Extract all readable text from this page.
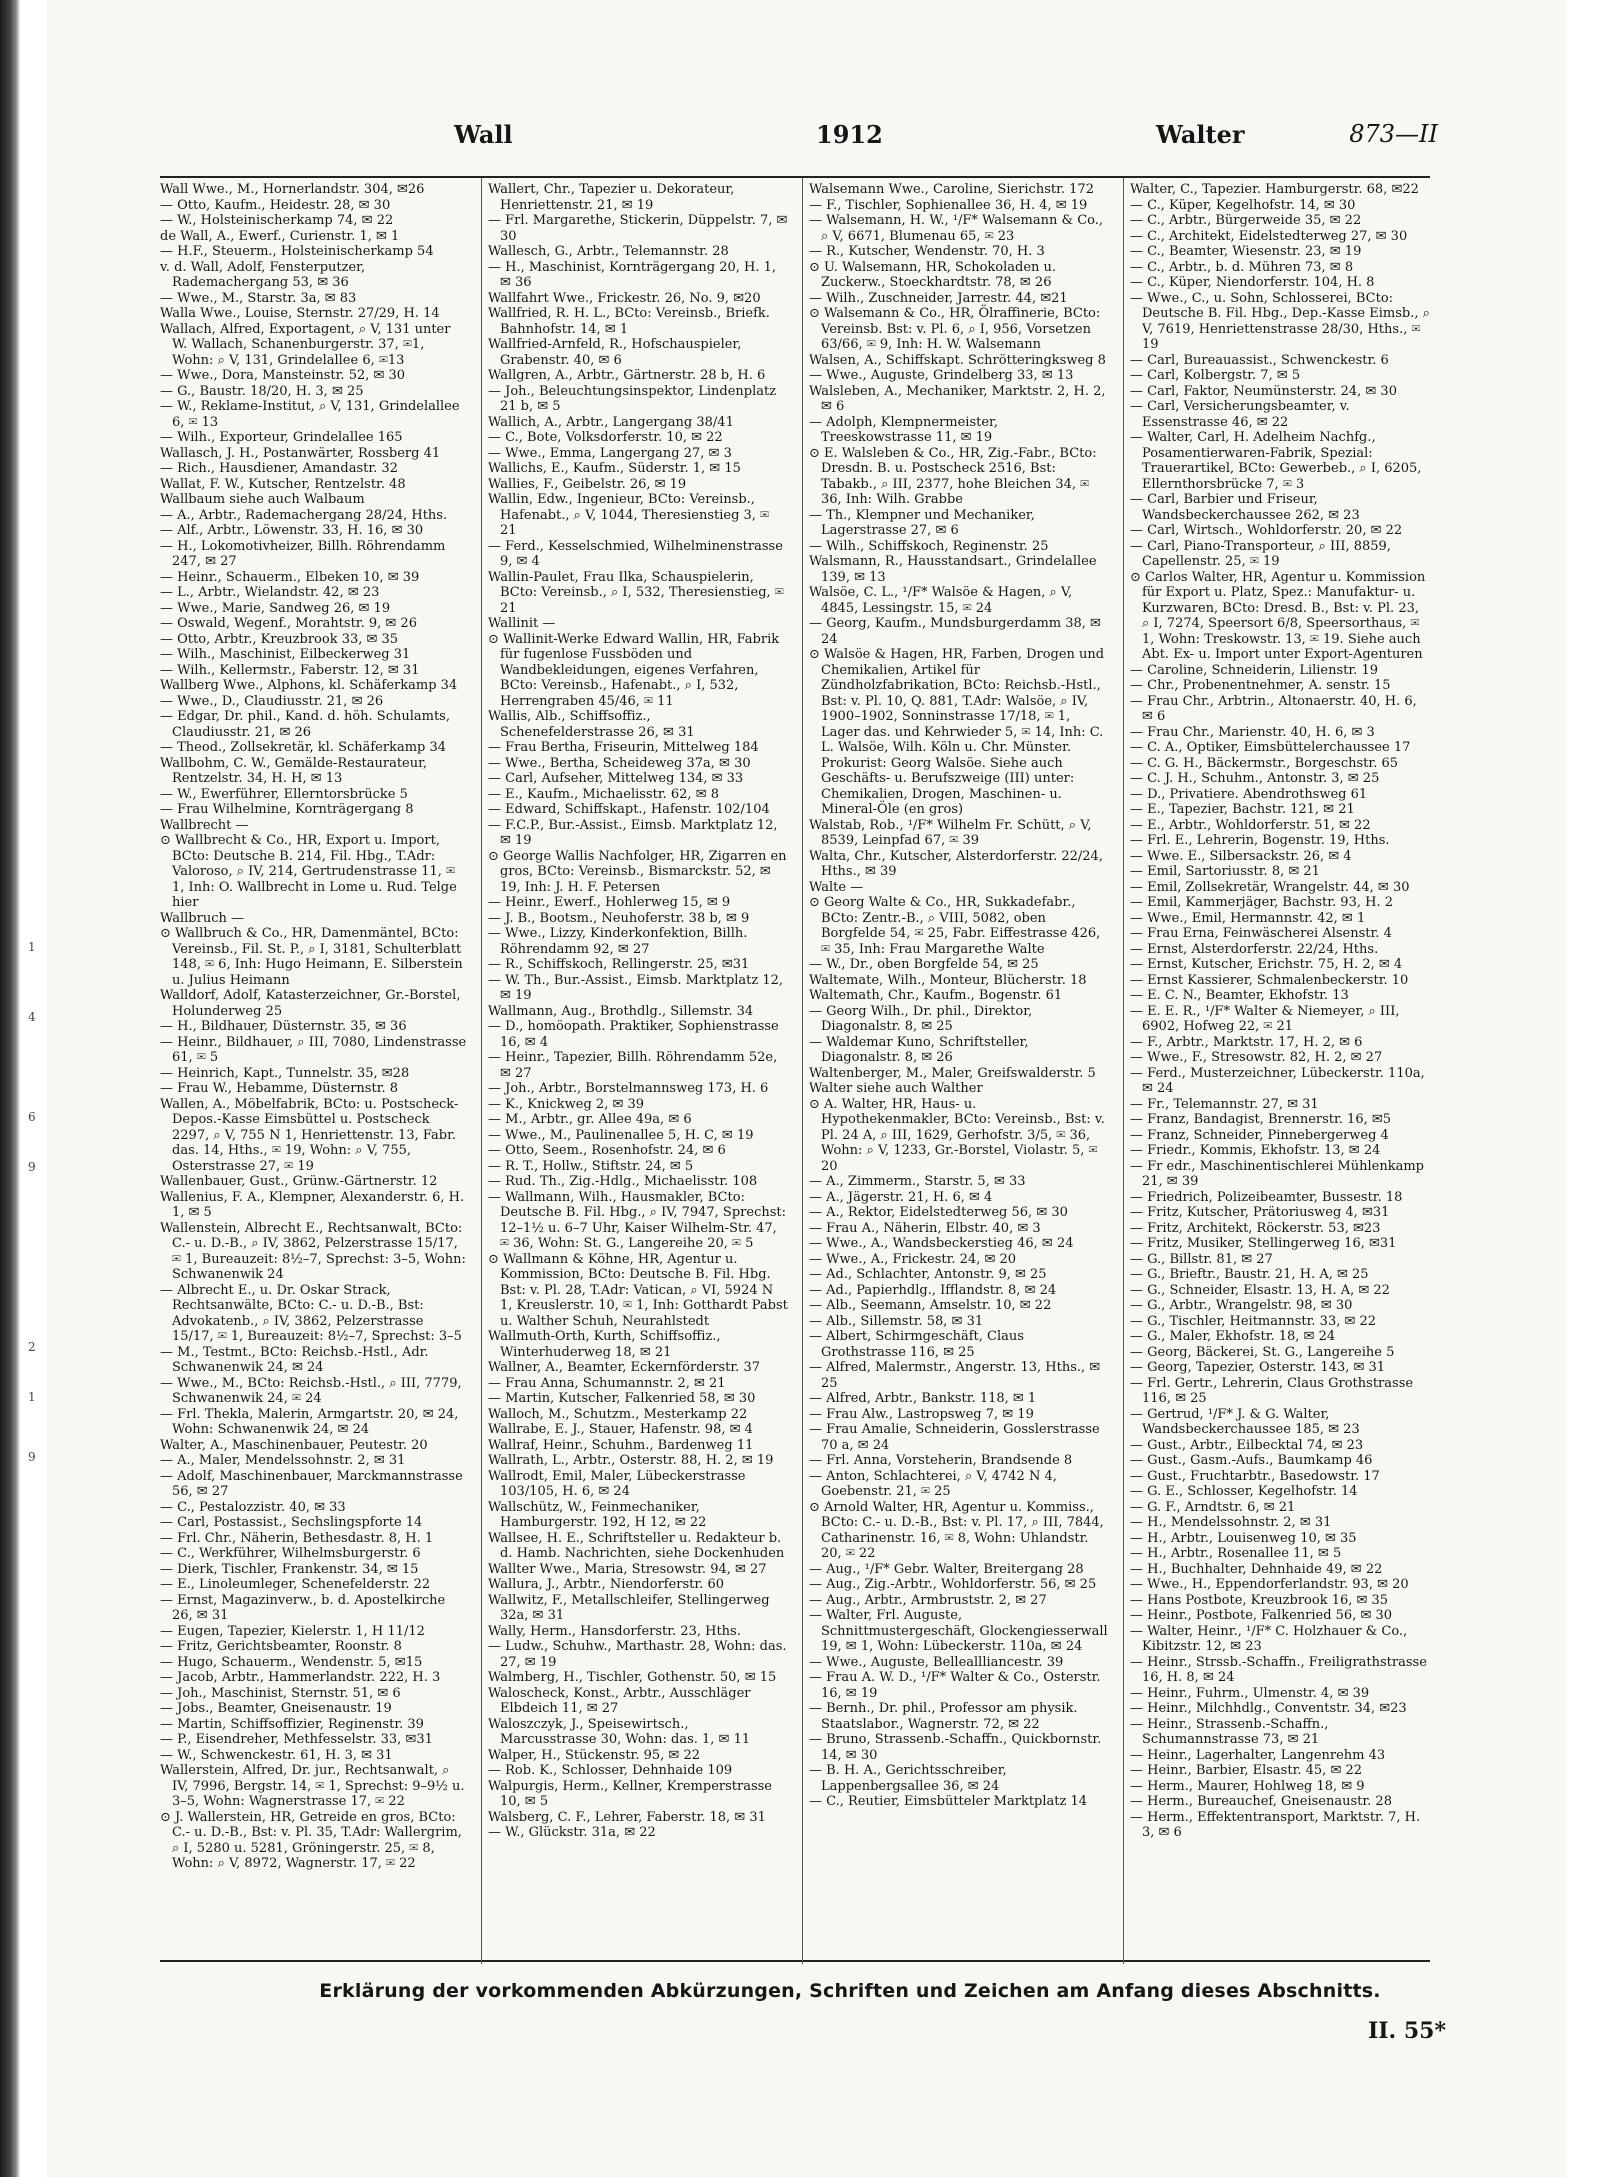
1
4
6
9
2
1
9
Wall	1912	Walter	873—II

Wall Wwe., M., Hornerlandstr. 304, ✉26

— Otto, Kaufm., Heidestr. 28, ✉ 30

— W., Holsteinischerkamp 74, ✉ 22

de Wall, A., Ewerf., Curienstr. 1, ✉ 1

— H.F., Steuerm., Holsteinischerkamp 54

v. d. Wall, Adolf, Fensterputzer, Rademachergang 53, ✉ 36

— Wwe., M., Starstr. 3a, ✉ 83

Walla Wwe., Louise, Sternstr. 27/29, H. 14

Wallach, Alfred, Exportagent, ⌕ V, 131 unter W. Wallach, Schanenburgerstr. 37, ✉1, Wohn: ⌕ V, 131, Grindelallee 6, ✉13

— Wwe., Dora, Mansteinstr. 52, ✉ 30

— G., Baustr. 18/20, H. 3, ✉ 25

— W., Reklame-Institut, ⌕ V, 131, Grindelallee 6, ✉ 13

— Wilh., Exporteur, Grindelallee 165

Wallasch, J. H., Postanwärter, Rossberg 41

— Rich., Hausdiener, Amandastr. 32

Wallat, F. W., Kutscher, Rentzelstr. 48

Wallbaum siehe auch Walbaum

— A., Arbtr., Rademachergang 28/24, Hths.

— Alf., Arbtr., Löwenstr. 33, H. 16, ✉ 30

— H., Lokomotivheizer, Billh. Röhrendamm 247, ✉ 27

— Heinr., Schauerm., Elbeken 10, ✉ 39

— L., Arbtr., Wielandstr. 42, ✉ 23

— Wwe., Marie, Sandweg 26, ✉ 19

— Oswald, Wegenf., Morahtstr. 9, ✉ 26

— Otto, Arbtr., Kreuzbrook 33, ✉ 35

— Wilh., Maschinist, Eilbeckerweg 31

— Wilh., Kellermstr., Faberstr. 12, ✉ 31

Wallberg Wwe., Alphons, kl. Schäferkamp 34

— Wwe., D., Claudiusstr. 21, ✉ 26

— Edgar, Dr. phil., Kand. d. höh. Schulamts, Claudiusstr. 21, ✉ 26

— Theod., Zollsekretär, kl. Schäferkamp 34

Wallbohm, C. W., Gemälde-Restaurateur, Rentzelstr. 34, H. H, ✉ 13

— W., Ewerführer, Ellerntorsbrücke 5

— Frau Wilhelmine, Kornträgergang 8

Wallbrecht —

⊙ Wallbrecht & Co., HR, Export u. Import, BCto: Deutsche B. 214, Fil. Hbg., T.Adr: Valoroso, ⌕ IV, 214, Gertrudenstrasse 11, ✉ 1, Inh: O. Wallbrecht in Lome u. Rud. Telge hier

Wallbruch —

⊙ Wallbruch & Co., HR, Damenmäntel, BCto: Vereinsb., Fil. St. P., ⌕ I, 3181, Schulterblatt 148, ✉ 6, Inh: Hugo Heimann, E. Silberstein u. Julius Heimann

Walldorf, Adolf, Katasterzeichner, Gr.-Borstel, Holunderweg 25

— H., Bildhauer, Düsternstr. 35, ✉ 36

— Heinr., Bildhauer, ⌕ III, 7080, Lindenstrasse 61, ✉ 5

— Heinrich, Kapt., Tunnelstr. 35, ✉28

— Frau W., Hebamme, Düsternstr. 8

Wallen, A., Möbelfabrik, BCto: u. Postscheck-Depos.-Kasse Eimsbüttel u. Postscheck 2297, ⌕ V, 755 N 1, Henriettenstr. 13, Fabr. das. 14, Hths., ✉ 19, Wohn: ⌕ V, 755, Osterstrasse 27, ✉ 19

Wallenbauer, Gust., Grünw.-Gärtnerstr. 12

Wallenius, F. A., Klempner, Alexanderstr. 6, H. 1, ✉ 5

Wallenstein, Albrecht E., Rechtsanwalt, BCto: C.- u. D.-B., ⌕ IV, 3862, Pelzerstrasse 15/17, ✉ 1, Bureauzeit: 8½–7, Sprechst: 3–5, Wohn: Schwanenwik 24

— Albrecht E., u. Dr. Oskar Strack, Rechtsanwälte, BCto: C.- u. D.-B., Bst: Advokatenb., ⌕ IV, 3862, Pelzerstrasse 15/17, ✉ 1, Bureauzeit: 8½–7, Sprechst: 3–5

— M., Testmt., BCto: Reichsb.-Hstl., Adr. Schwanenwik 24, ✉ 24

— Wwe., M., BCto: Reichsb.-Hstl., ⌕ III, 7779, Schwanenwik 24, ✉ 24

— Frl. Thekla, Malerin, Armgartstr. 20, ✉ 24, Wohn: Schwanenwik 24, ✉ 24

Walter, A., Maschinenbauer, Peutestr. 20

— A., Maler, Mendelssohnstr. 2, ✉ 31

— Adolf, Maschinenbauer, Marckmannstrasse 56, ✉ 27

— C., Pestalozzistr. 40, ✉ 33

— Carl, Postassist., Sechslingspforte 14

— Frl. Chr., Näherin, Bethesdastr. 8, H. 1

— C., Werkführer, Wilhelmsburgerstr. 6

— Dierk, Tischler, Frankenstr. 34, ✉ 15

— E., Linoleumleger, Schenefelderstr. 22

— Ernst, Magazinverw., b. d. Apostelkirche 26, ✉ 31

— Eugen, Tapezier, Kielerstr. 1, H 11/12

— Fritz, Gerichtsbeamter, Roonstr. 8

— Hugo, Schauerm., Wendenstr. 5, ✉15

— Jacob, Arbtr., Hammerlandstr. 222, H. 3

— Joh., Maschinist, Sternstr. 51, ✉ 6

— Jobs., Beamter, Gneisenaustr. 19

— Martin, Schiffsoffizier, Reginenstr. 39

— P., Eisendreher, Methfesselstr. 33, ✉31

— W., Schwenckestr. 61, H. 3, ✉ 31

Wallerstein, Alfred, Dr. jur., Rechtsanwalt, ⌕ IV, 7996, Bergstr. 14, ✉ 1, Sprechst: 9–9½ u. 3–5, Wohn: Wagnerstrasse 17, ✉ 22

⊙ J. Wallerstein, HR, Getreide en gros, BCto: C.- u. D.-B., Bst: v. Pl. 35, T.Adr: Wallergrim, ⌕ I, 5280 u. 5281, Gröningerstr. 25, ✉ 8, Wohn: ⌕ V, 8972, Wagnerstr. 17, ✉ 22

Wallert, Chr., Tapezier u. Dekorateur, Henriettenstr. 21, ✉ 19

— Frl. Margarethe, Stickerin, Düppelstr. 7, ✉ 30

Wallesch, G., Arbtr., Telemannstr. 28

— H., Maschinist, Kornträgergang 20, H. 1, ✉ 36

Wallfahrt Wwe., Frickestr. 26, No. 9, ✉20

Wallfried, R. H. L., BCto: Vereinsb., Briefk. Bahnhofstr. 14, ✉ 1

Wallfried-Arnfeld, R., Hofschauspieler, Grabenstr. 40, ✉ 6

Wallgren, A., Arbtr., Gärtnerstr. 28 b, H. 6

— Joh., Beleuchtungsinspektor, Lindenplatz 21 b, ✉ 5

Wallich, A., Arbtr., Langergang 38/41

— C., Bote, Volksdorferstr. 10, ✉ 22

— Wwe., Emma, Langergang 27, ✉ 3

Wallichs, E., Kaufm., Süderstr. 1, ✉ 15

Wallies, F., Geibelstr. 26, ✉ 19

Wallin, Edw., Ingenieur, BCto: Vereinsb., Hafenabt., ⌕ V, 1044, Theresienstieg 3, ✉ 21

— Ferd., Kesselschmied, Wilhelminenstrasse 9, ✉ 4

Wallin-Paulet, Frau Ilka, Schauspielerin, BCto: Vereinsb., ⌕ I, 532, Theresienstieg, ✉ 21

Wallinit —

⊙ Wallinit-Werke Edward Wallin, HR, Fabrik für fugenlose Fussböden und Wandbekleidungen, eigenes Verfahren, BCto: Vereinsb., Hafenabt., ⌕ I, 532, Herrengraben 45/46, ✉ 11

Wallis, Alb., Schiffsoffiz., Schenefelderstrasse 26, ✉ 31

— Frau Bertha, Friseurin, Mittelweg 184

— Wwe., Bertha, Scheideweg 37a, ✉ 30

— Carl, Aufseher, Mittelweg 134, ✉ 33

— E., Kaufm., Michaelisstr. 62, ✉ 8

— Edward, Schiffskapt., Hafenstr. 102/104

— F.C.P., Bur.-Assist., Eimsb. Marktplatz 12, ✉ 19

⊙ George Wallis Nachfolger, HR, Zigarren en gros, BCto: Vereinsb., Bismarckstr. 52, ✉ 19, Inh: J. H. F. Petersen

— Heinr., Ewerf., Hohlerweg 15, ✉ 9

— J. B., Bootsm., Neuhoferstr. 38 b, ✉ 9

— Wwe., Lizzy, Kinderkonfektion, Billh. Röhrendamm 92, ✉ 27

— R., Schiffskoch, Rellingerstr. 25, ✉31

— W. Th., Bur.-Assist., Eimsb. Marktplatz 12, ✉ 19

Wallmann, Aug., Brothdlg., Sillemstr. 34

— D., homöopath. Praktiker, Sophienstrasse 16, ✉ 4

— Heinr., Tapezier, Billh. Röhrendamm 52e, ✉ 27

— Joh., Arbtr., Borstelmannsweg 173, H. 6

— K., Knickweg 2, ✉ 39

— M., Arbtr., gr. Allee 49a, ✉ 6

— Wwe., M., Paulinenallee 5, H. C, ✉ 19

— Otto, Seem., Rosenhofstr. 24, ✉ 6

— R. T., Hollw., Stiftstr. 24, ✉ 5

— Rud. Th., Zig.-Hdlg., Michaelisstr. 108

— Wallmann, Wilh., Hausmakler, BCto: Deutsche B. Fil. Hbg., ⌕ IV, 7947, Sprechst: 12–1½ u. 6–7 Uhr, Kaiser Wilhelm-Str. 47, ✉ 36, Wohn: St. G., Langereihe 20, ✉ 5

⊙ Wallmann & Köhne, HR, Agentur u. Kommission, BCto: Deutsche B. Fil. Hbg. Bst: v. Pl. 28, T.Adr: Vatican, ⌕ VI, 5924 N 1, Kreuslerstr. 10, ✉ 1, Inh: Gotthardt Pabst u. Walther Schuh, Neurahlstedt

Wallmuth-Orth, Kurth, Schiffsoffiz., Winterhuderweg 18, ✉ 21

Wallner, A., Beamter, Eckernförderstr. 37

— Frau Anna, Schumannstr. 2, ✉ 21

— Martin, Kutscher, Falkenried 58, ✉ 30

Walloch, M., Schutzm., Mesterkamp 22

Wallrabe, E. J., Stauer, Hafenstr. 98, ✉ 4

Wallraf, Heinr., Schuhm., Bardenweg 11

Wallrath, L., Arbtr., Osterstr. 88, H. 2, ✉ 19

Wallrodt, Emil, Maler, Lübeckerstrasse 103/105, H. 6, ✉ 24

Wallschütz, W., Feinmechaniker, Hamburgerstr. 192, H 12, ✉ 22

Wallsee, H. E., Schriftsteller u. Redakteur b. d. Hamb. Nachrichten, siehe Dockenhuden

Wallter Wwe., Maria, Stresowstr. 94, ✉ 27

Wallura, J., Arbtr., Niendorferstr. 60

Wallwitz, F., Metallschleifer, Stellingerweg 32a, ✉ 31

Wally, Herm., Hansdorferstr. 23, Hths.

— Ludw., Schuhw., Marthastr. 28, Wohn: das. 27, ✉ 19

Walmberg, H., Tischler, Gothenstr. 50, ✉ 15

Waloscheck, Konst., Arbtr., Ausschläger Elbdeich 11, ✉ 27

Waloszczyk, J., Speisewirtsch., Marcusstrasse 30, Wohn: das. 1, ✉ 11

Walper, H., Stückenstr. 95, ✉ 22

— Rob. K., Schlosser, Dehnhaide 109

Walpurgis, Herm., Kellner, Kremperstrasse 10, ✉ 5

Walsberg, C. F., Lehrer, Faberstr. 18, ✉ 31

— W., Glückstr. 31a, ✉ 22

Walsemann Wwe., Caroline, Sierichstr. 172

— F., Tischler, Sophienallee 36, H. 4, ✉ 19

— Walsemann, H. W., ¹/F* Walsemann & Co., ⌕ V, 6671, Blumenau 65, ✉ 23

— R., Kutscher, Wendenstr. 70, H. 3

⊙ U. Walsemann, HR, Schokoladen u. Zuckerw., Stoeckhardtstr. 78, ✉ 26

— Wilh., Zuschneider, Jarrestr. 44, ✉21

⊙ Walsemann & Co., HR, Ölraffinerie, BCto: Vereinsb. Bst: v. Pl. 6, ⌕ I, 956, Vorsetzen 63/66, ✉ 9, Inh: H. W. Walsemann

Walsen, A., Schiffskapt. Schrötteringksweg 8

— Wwe., Auguste, Grindelberg 33, ✉ 13

Walsleben, A., Mechaniker, Marktstr. 2, H. 2, ✉ 6

— Adolph, Klempnermeister, Treeskowstrasse 11, ✉ 19

⊙ E. Walsleben & Co., HR, Zig.-Fabr., BCto: Dresdn. B. u. Postscheck 2516, Bst: Tabakb., ⌕ III, 2377, hohe Bleichen 34, ✉ 36, Inh: Wilh. Grabbe

— Th., Klempner und Mechaniker, Lagerstrasse 27, ✉ 6

— Wilh., Schiffskoch, Reginenstr. 25

Walsmann, R., Hausstandsart., Grindelallee 139, ✉ 13

Walsöe, C. L., ¹/F* Walsöe & Hagen, ⌕ V, 4845, Lessingstr. 15, ✉ 24

— Georg, Kaufm., Mundsburgerdamm 38, ✉ 24

⊙ Walsöe & Hagen, HR, Farben, Drogen und Chemikalien, Artikel für Zündholzfabrikation, BCto: Reichsb.-Hstl., Bst: v. Pl. 10, Q. 881, T.Adr: Walsöe, ⌕ IV, 1900–1902, Sonninstrasse 17/18, ✉ 1, Lager das. und Kehrwieder 5, ✉ 14, Inh: C. L. Walsöe, Wilh. Köln u. Chr. Münster. Prokurist: Georg Walsöe. Siehe auch Geschäfts- u. Berufszweige (III) unter: Chemikalien, Drogen, Maschinen- u. Mineral-Öle (en gros)

Walstab, Rob., ¹/F* Wilhelm Fr. Schütt, ⌕ V, 8539, Leinpfad 67, ✉ 39

Walta, Chr., Kutscher, Alsterdorferstr. 22/24, Hths., ✉ 39

Walte —

⊙ Georg Walte & Co., HR, Sukkadefabr., BCto: Zentr.-B., ⌕ VIII, 5082, oben Borgfelde 54, ✉ 25, Fabr. Eiffestrasse 426, ✉ 35, Inh: Frau Margarethe Walte

— W., Dr., oben Borgfelde 54, ✉ 25

Waltemate, Wilh., Monteur, Blücherstr. 18

Waltemath, Chr., Kaufm., Bogenstr. 61

— Georg Wilh., Dr. phil., Direktor, Diagonalstr. 8, ✉ 25

— Waldemar Kuno, Schriftsteller, Diagonalstr. 8, ✉ 26

Waltenberger, M., Maler, Greifswalderstr. 5

Walter siehe auch Walther

⊙ A. Walter, HR, Haus- u. Hypothekenmakler, BCto: Vereinsb., Bst: v. Pl. 24 A, ⌕ III, 1629, Gerhofstr. 3/5, ✉ 36, Wohn: ⌕ V, 1233, Gr.-Borstel, Violastr. 5, ✉ 20

— A., Zimmerm., Starstr. 5, ✉ 33

— A., Jägerstr. 21, H. 6, ✉ 4

— A., Rektor, Eidelstedterweg 56, ✉ 30

— Frau A., Näherin, Elbstr. 40, ✉ 3

— Wwe., A., Wandsbeckerstieg 46, ✉ 24

— Wwe., A., Frickestr. 24, ✉ 20

— Ad., Schlachter, Antonstr. 9, ✉ 25

— Ad., Papierhdlg., Ifflandstr. 8, ✉ 24

— Alb., Seemann, Amselstr. 10, ✉ 22

— Alb., Sillemstr. 58, ✉ 31

— Albert, Schirmgeschäft, Claus Grothstrasse 116, ✉ 25

— Alfred, Malermstr., Angerstr. 13, Hths., ✉ 25

— Alfred, Arbtr., Bankstr. 118, ✉ 1

— Frau Alw., Lastropsweg 7, ✉ 19

— Frau Amalie, Schneiderin, Gosslerstrasse 70 a, ✉ 24

— Frl. Anna, Vorsteherin, Brandsende 8

— Anton, Schlachterei, ⌕ V, 4742 N 4, Goebenstr. 21, ✉ 25

⊙ Arnold Walter, HR, Agentur u. Kommiss., BCto: C.- u. D.-B., Bst: v. Pl. 17, ⌕ III, 7844, Catharinenstr. 16, ✉ 8, Wohn: Uhlandstr. 20, ✉ 22

— Aug., ¹/F* Gebr. Walter, Breitergang 28

— Aug., Zig.-Arbtr., Wohldorferstr. 56, ✉ 25

— Aug., Arbtr., Armbruststr. 2, ✉ 27

— Walter, Frl. Auguste, Schnittmustergeschäft, Glockengiesserwall 19, ✉ 1, Wohn: Lübeckerstr. 110a, ✉ 24

— Wwe., Auguste, Belleallliancestr. 39

— Frau A. W. D., ¹/F* Walter & Co., Osterstr. 16, ✉ 19

— Bernh., Dr. phil., Professor am physik. Staatslabor., Wagnerstr. 72, ✉ 22

— Bruno, Strassenb.-Schaffn., Quickbornstr. 14, ✉ 30

— B. H. A., Gerichtsschreiber, Lappenbergsallee 36, ✉ 24

— C., Reutier, Eimsbütteler Marktplatz 14

Walter, C., Tapezier. Hamburgerstr. 68, ✉22

— C., Küper, Kegelhofstr. 14, ✉ 30

— C., Arbtr., Bürgerweide 35, ✉ 22

— C., Architekt, Eidelstedterweg 27, ✉ 30

— C., Beamter, Wiesenstr. 23, ✉ 19

— C., Arbtr., b. d. Mühren 73, ✉ 8

— C., Küper, Niendorferstr. 104, H. 8

— Wwe., C., u. Sohn, Schlosserei, BCto: Deutsche B. Fil. Hbg., Dep.-Kasse Eimsb., ⌕ V, 7619, Henriettenstrasse 28/30, Hths., ✉ 19

— Carl, Bureauassist., Schwenckestr. 6

— Carl, Kolbergstr. 7, ✉ 5

— Carl, Faktor, Neumünsterstr. 24, ✉ 30

— Carl, Versicherungsbeamter, v. Essenstrasse 46, ✉ 22

— Walter, Carl, H. Adelheim Nachfg., Posamentierwaren-Fabrik, Spezial: Trauerartikel, BCto: Gewerbeb., ⌕ I, 6205, Ellernthorsbrücke 7, ✉ 3

— Carl, Barbier und Friseur, Wandsbeckerchaussee 262, ✉ 23

— Carl, Wirtsch., Wohldorferstr. 20, ✉ 22

— Carl, Piano-Transporteur, ⌕ III, 8859, Capellenstr. 25, ✉ 19

⊙ Carlos Walter, HR, Agentur u. Kommission für Export u. Platz, Spez.: Manufaktur- u. Kurzwaren, BCto: Dresd. B., Bst: v. Pl. 23, ⌕ I, 7274, Speersort 6/8, Speersorthaus, ✉ 1, Wohn: Treskowstr. 13, ✉ 19. Siehe auch Abt. Ex- u. Import unter Export-Agenturen

— Caroline, Schneiderin, Lilienstr. 19

— Chr., Probenentnehmer, A. senstr. 15

— Frau Chr., Arbtrin., Altonaerstr. 40, H. 6, ✉ 6

— Frau Chr., Marienstr. 40, H. 6, ✉ 3

— C. A., Optiker, Eimsbüttelerchaussee 17

— C. G. H., Bäckermstr., Borgeschstr. 65

— C. J. H., Schuhm., Antonstr. 3, ✉ 25

— D., Privatiere. Abendrothsweg 61

— E., Tapezier, Bachstr. 121, ✉ 21

— E., Arbtr., Wohldorferstr. 51, ✉ 22

— Frl. E., Lehrerin, Bogenstr. 19, Hths.

— Wwe. E., Silbersackstr. 26, ✉ 4

— Emil, Sartoriusstr. 8, ✉ 21

— Emil, Zollsekretär, Wrangelstr. 44, ✉ 30

— Emil, Kammerjäger, Bachstr. 93, H. 2

— Wwe., Emil, Hermannstr. 42, ✉ 1

— Frau Erna, Feinwäscherei Alsenstr. 4

— Ernst, Alsterdorferstr. 22/24, Hths.

— Ernst, Kutscher, Erichstr. 75, H. 2, ✉ 4

— Ernst Kassierer, Schmalenbeckerstr. 10

— E. C. N., Beamter, Ekhofstr. 13

— E. E. R., ¹/F* Walter & Niemeyer, ⌕ III, 6902, Hofweg 22, ✉ 21

— F., Arbtr., Marktstr. 17, H. 2, ✉ 6

— Wwe., F., Stresowstr. 82, H. 2, ✉ 27

— Ferd., Musterzeichner, Lübeckerstr. 110a, ✉ 24

— Fr., Telemannstr. 27, ✉ 31

— Franz, Bandagist, Brennerstr. 16, ✉5

— Franz, Schneider, Pinnebergerweg 4

— Friedr., Kommis, Ekhofstr. 13, ✉ 24

— Fr edr., Maschinentischlerei Mühlenkamp 21, ✉ 39

— Friedrich, Polizeibeamter, Bussestr. 18

— Fritz, Kutscher, Prätoriusweg 4, ✉31

— Fritz, Architekt, Röckerstr. 53, ✉23

— Fritz, Musiker, Stellingerweg 16, ✉31

— G., Billstr. 81, ✉ 27

— G., Brieftr., Baustr. 21, H. A, ✉ 25

— G., Schneider, Elsastr. 13, H. A, ✉ 22

— G., Arbtr., Wrangelstr. 98, ✉ 30

— G., Tischler, Heitmannstr. 33, ✉ 22

— G., Maler, Ekhofstr. 18, ✉ 24

— Georg, Bäckerei, St. G., Langereihe 5

— Georg, Tapezier, Osterstr. 143, ✉ 31

— Frl. Gertr., Lehrerin, Claus Grothstrasse 116, ✉ 25

— Gertrud, ¹/F* J. & G. Walter, Wandsbeckerchaussee 185, ✉ 23

— Gust., Arbtr., Eilbecktal 74, ✉ 23

— Gust., Gasm.-Aufs., Baumkamp 46

— Gust., Fruchtarbtr., Basedowstr. 17

— G. E., Schlosser, Kegelhofstr. 14

— G. F., Arndtstr. 6, ✉ 21

— H., Mendelssohnstr. 2, ✉ 31

— H., Arbtr., Louisenweg 10, ✉ 35

— H., Arbtr., Rosenallee 11, ✉ 5

— H., Buchhalter, Dehnhaide 49, ✉ 22

— Wwe., H., Eppendorferlandstr. 93, ✉ 20

— Hans Postbote, Kreuzbrook 16, ✉ 35

— Heinr., Postbote, Falkenried 56, ✉ 30

— Walter, Heinr., ¹/F* C. Holzhauer & Co., Kibitzstr. 12, ✉ 23

— Heinr., Strssb.-Schaffn., Freiligrathstrasse 16, H. 8, ✉ 24

— Heinr., Fuhrm., Ulmenstr. 4, ✉ 39

— Heinr., Milchhdlg., Conventstr. 34, ✉23

— Heinr., Strassenb.-Schaffn., Schumannstrasse 73, ✉ 21

— Heinr., Lagerhalter, Langenrehm 43

— Heinr., Barbier, Elsastr. 45, ✉ 22

— Herm., Maurer, Hohlweg 18, ✉ 9

— Herm., Bureauchef, Gneisenaustr. 28

— Herm., Effektentransport, Marktstr. 7, H. 3, ✉ 6

Erklärung der vorkommenden Abkürzungen, Schriften und Zeichen am Anfang dieses Abschnitts.
II. 55*
